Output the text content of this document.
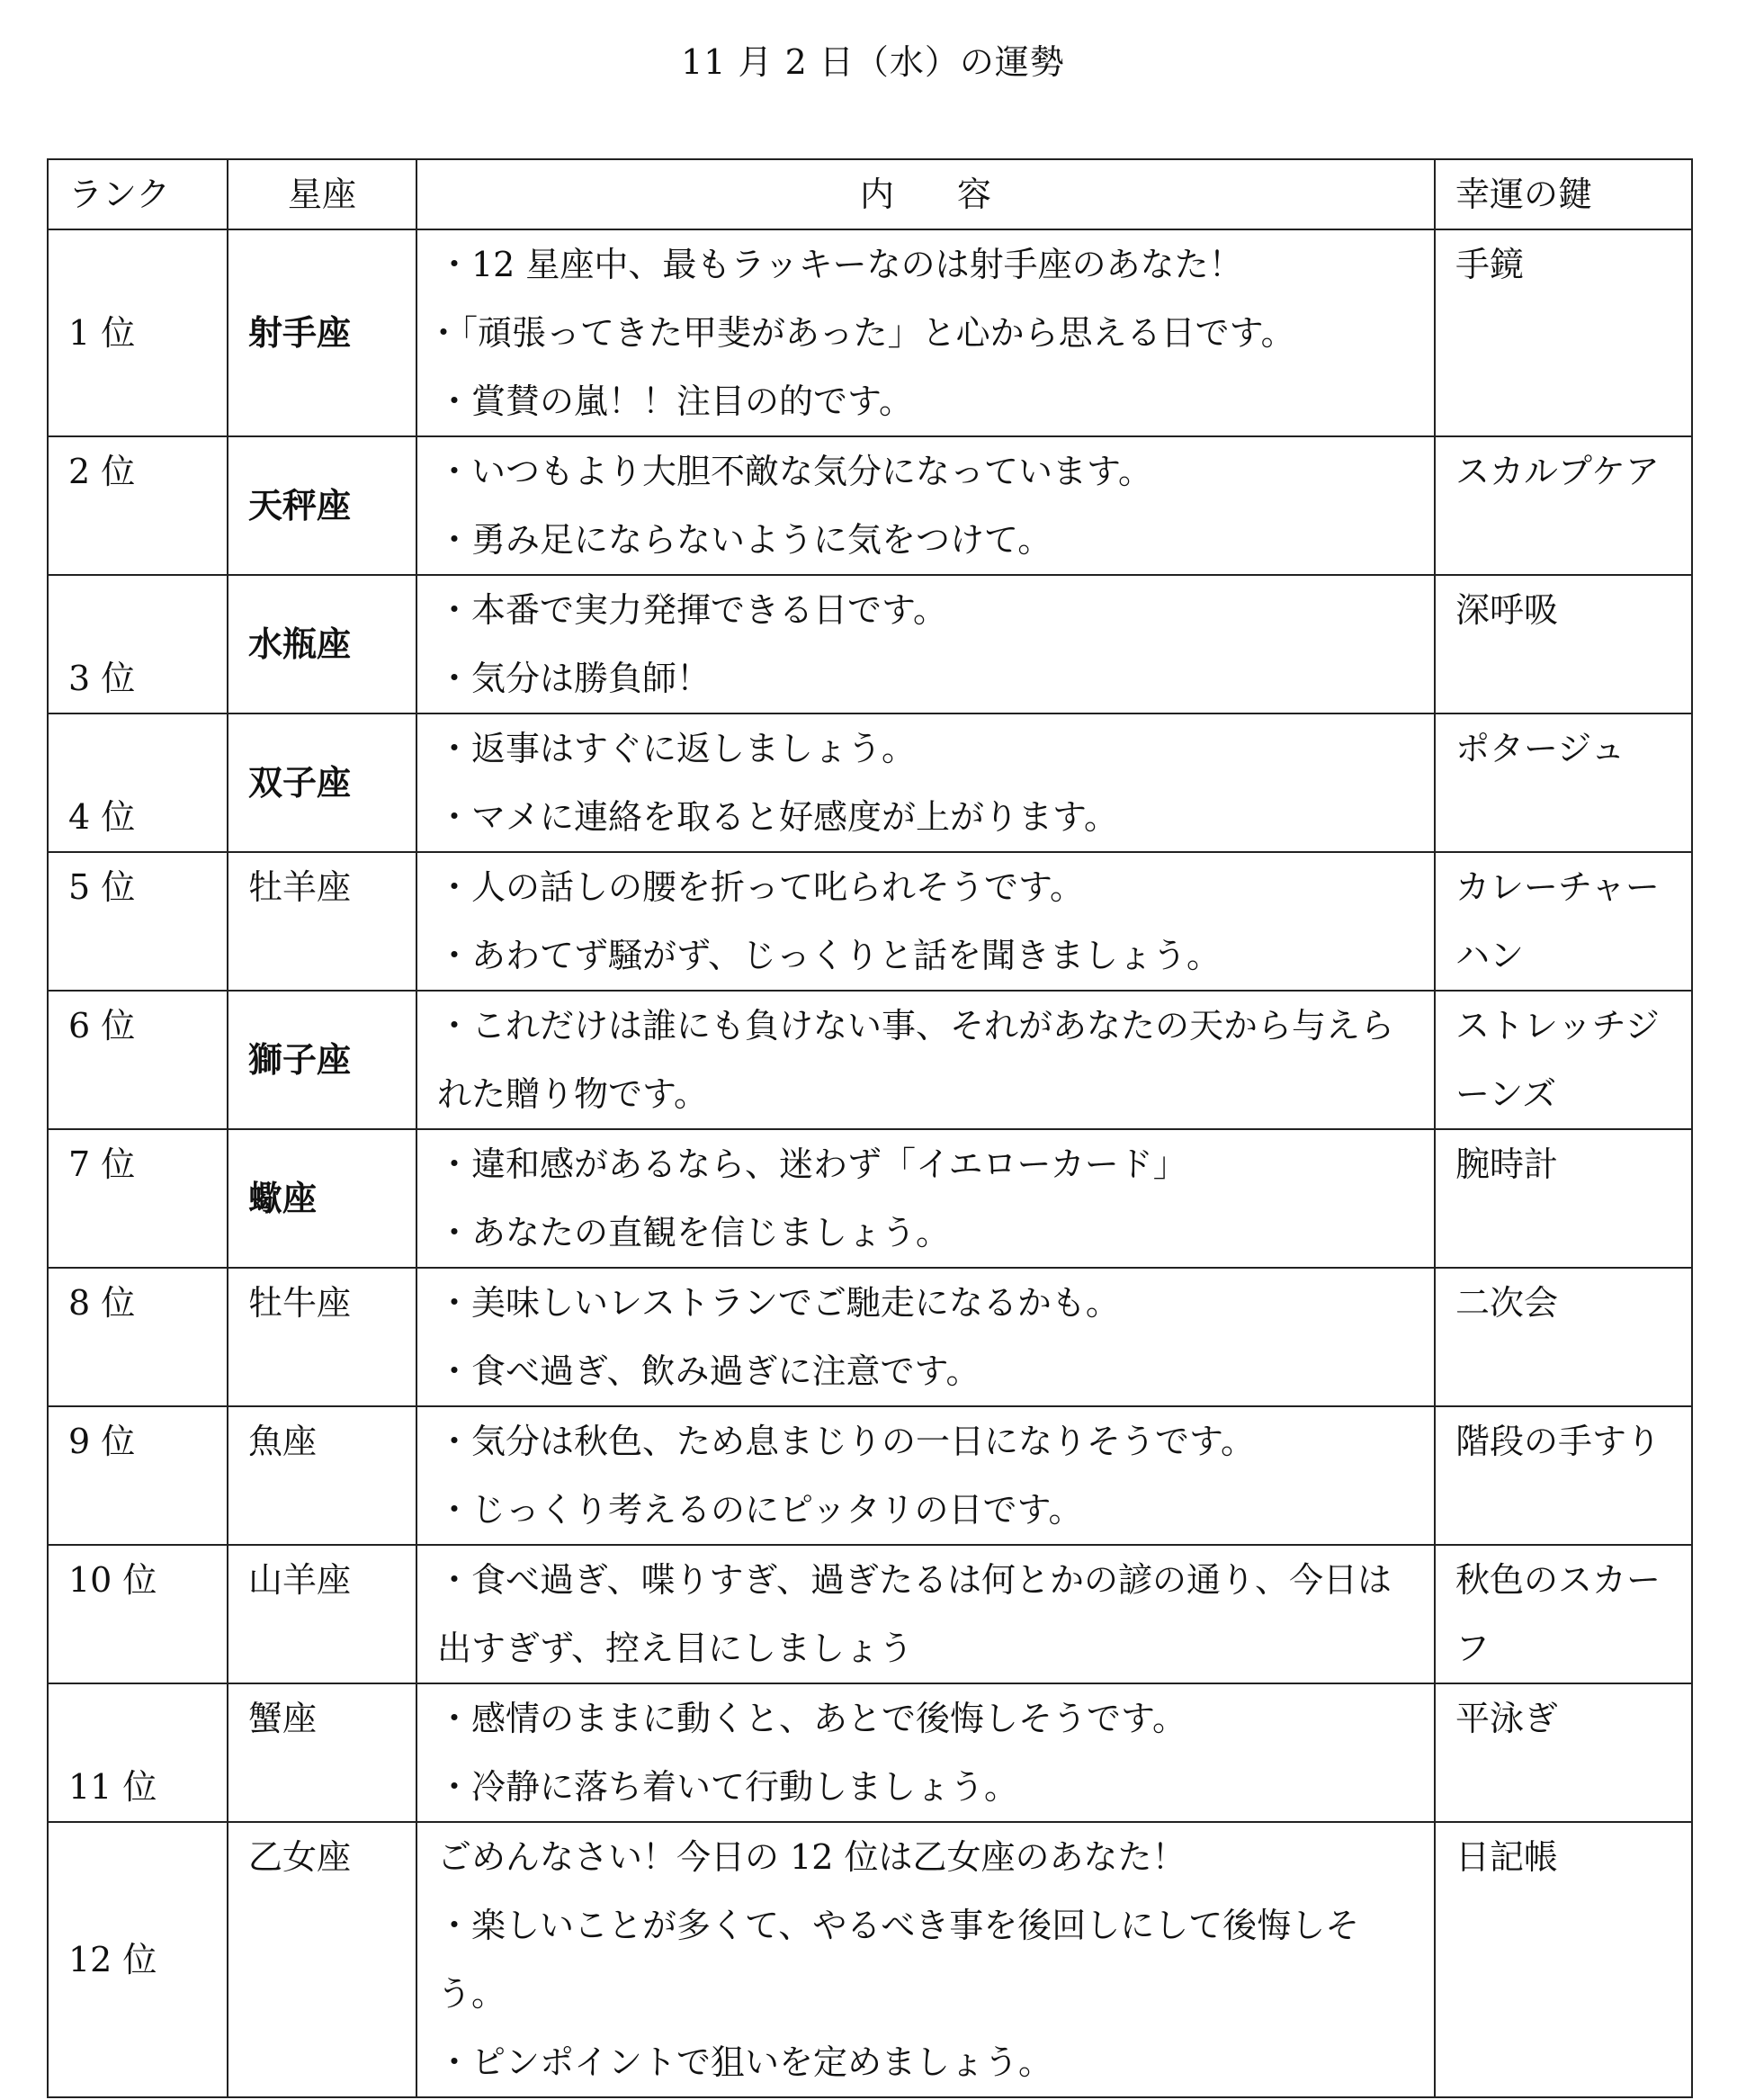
11 月 2 日（水）の運勢
ランク	星座	内容	幸運の鍵
1 位	射手座	・12 星座中、最もラッキーなのは射手座のあなた！
・「頑張ってきた甲斐があった」と心から思える日です。
・賞賛の嵐！！注目の的です。	手鏡
2 位	天秤座	・いつもより大胆不敵な気分になっています。
・勇み足にならないように気をつけて。	スカルプケア
3 位	水瓶座	・本番で実力発揮できる日です。
・気分は勝負師！	深呼吸
4 位	双子座	・返事はすぐに返しましょう。
・マメに連絡を取ると好感度が上がります。	ポタージュ
5 位	牡羊座	・人の話しの腰を折って叱られそうです。
・あわてず騒がず、じっくりと話を聞きましょう。	カレーチャーハン
6 位	獅子座	・これだけは誰にも負けない事、それがあなたの天から与えられた贈り物です。	ストレッチジーンズ
7 位	蠍座	・違和感があるなら、迷わず「イエローカード」
・あなたの直観を信じましょう。	腕時計
8 位	牡牛座	・美味しいレストランでご馳走になるかも。
・食べ過ぎ、飲み過ぎに注意です。	二次会
9 位	魚座	・気分は秋色、ため息まじりの一日になりそうです。
・じっくり考えるのにピッタリの日です。	階段の手すり
10 位	山羊座	・食べ過ぎ、喋りすぎ、過ぎたるは何とかの諺の通り、今日は出すぎず、控え目にしましょう	秋色のスカーフ
11 位	蟹座	・感情のままに動くと、あとで後悔しそうです。
・冷静に落ち着いて行動しましょう。	平泳ぎ
12 位	乙女座	ごめんなさい！今日の 12 位は乙女座のあなた！
・楽しいことが多くて、やるべき事を後回しにして後悔しそう。
・ピンポイントで狙いを定めましょう。	日記帳
